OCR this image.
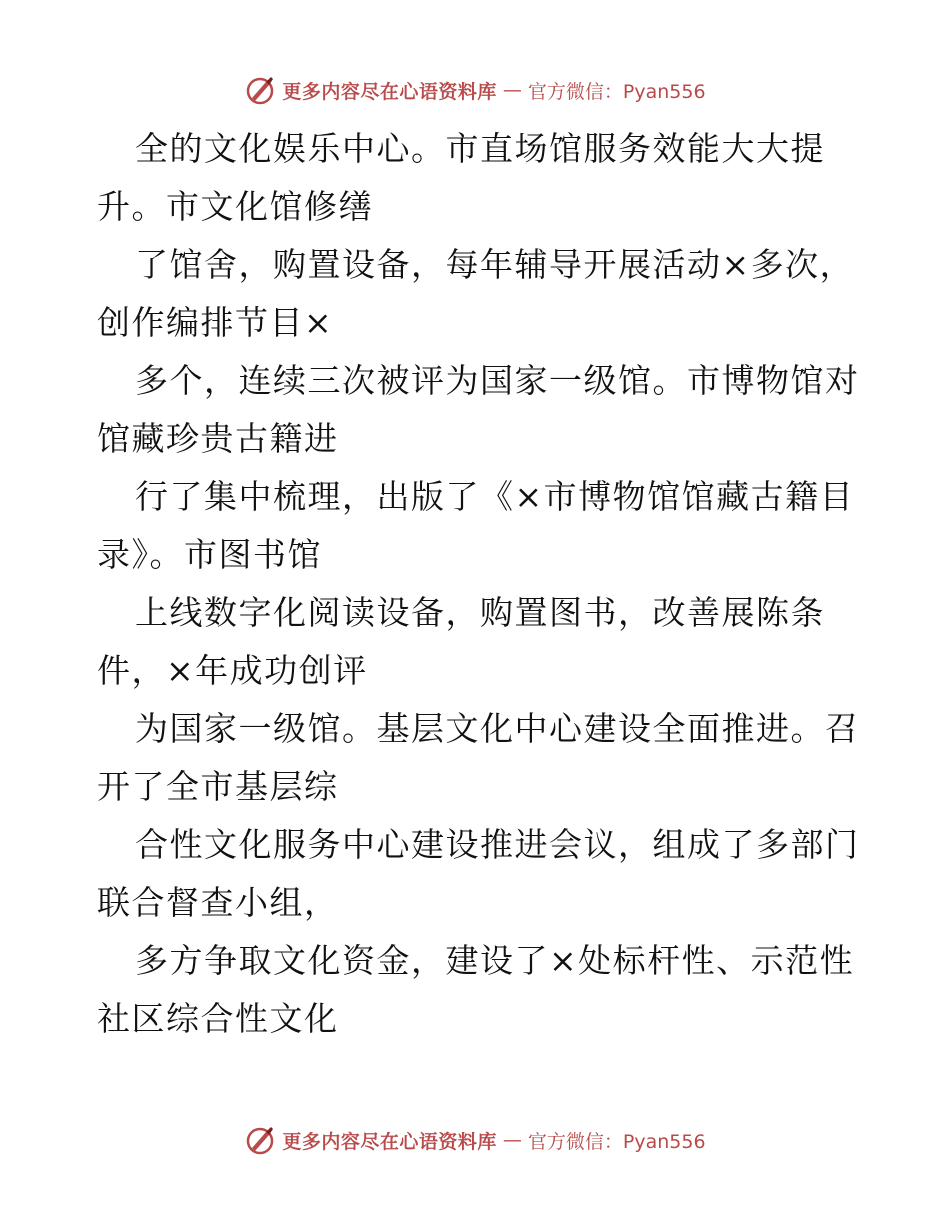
更多内容尽在心语资料库 — 官方微信：Pyan556
全的文化娱乐中心。市直场馆服务效能大大提
升。市文化馆修缮
了馆舍，购置设备，每年辅导开展活动×多次，
创作编排节目×
多个，连续三次被评为国家一级馆。市博物馆对
馆藏珍贵古籍进
行了集中梳理，出版了《×市博物馆馆藏古籍目
录》。市图书馆
上线数字化阅读设备，购置图书，改善展陈条
件，×年成功创评
为国家一级馆。基层文化中心建设全面推进。召
开了全市基层综
合性文化服务中心建设推进会议，组成了多部门
联合督查小组，
多方争取文化资金，建设了×处标杆性、示范性
社区综合性文化
更多内容尽在心语资料库 — 官方微信：Pyan556
